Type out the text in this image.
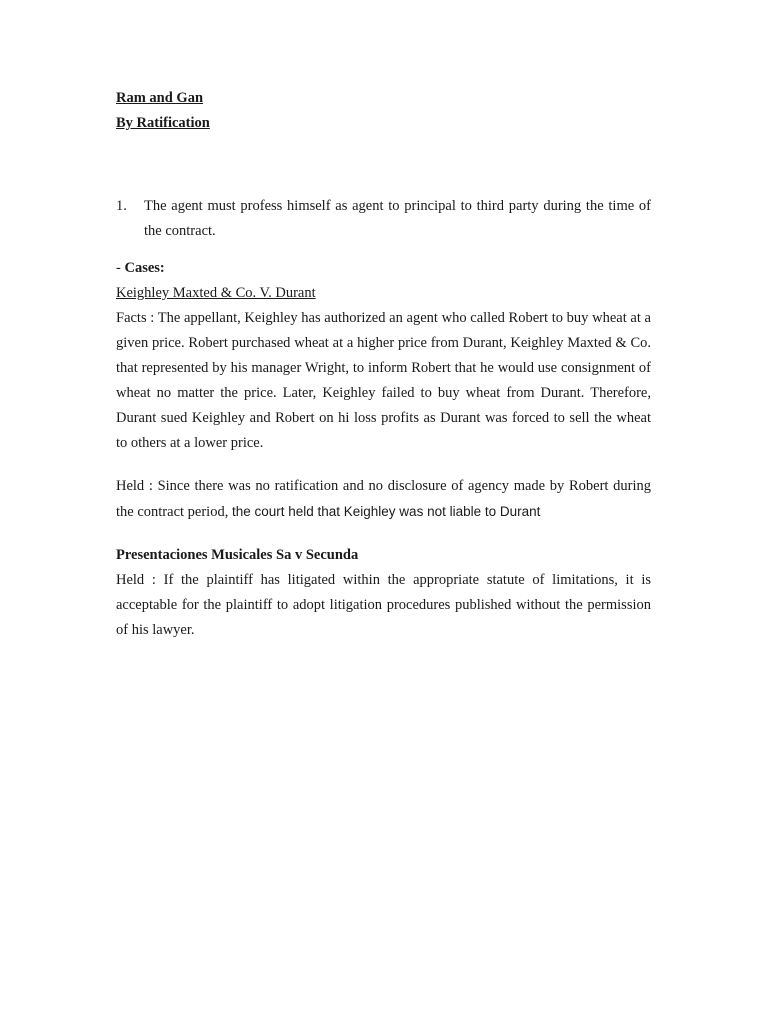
Ram and Gan
By Ratification
1.	The agent must profess himself as agent to principal to third party during the time of the contract.
- Cases:
Keighley Maxted & Co. V. Durant
Facts : The appellant, Keighley has authorized an agent who called Robert to buy wheat at a given price. Robert purchased wheat at a higher price from Durant, Keighley Maxted & Co. that represented by his manager Wright, to inform Robert that he would use consignment of wheat no matter the price. Later, Keighley failed to buy wheat from Durant. Therefore, Durant sued Keighley and Robert on hi loss profits as Durant was forced to sell the wheat to others at a lower price.
Held : Since there was no ratification and no disclosure of agency made by Robert during the contract period, the court held that Keighley was not liable to Durant
Presentaciones Musicales Sa v Secunda
Held : If the plaintiff has litigated within the appropriate statute of limitations, it is acceptable for the plaintiff to adopt litigation procedures published without the permission of his lawyer.
